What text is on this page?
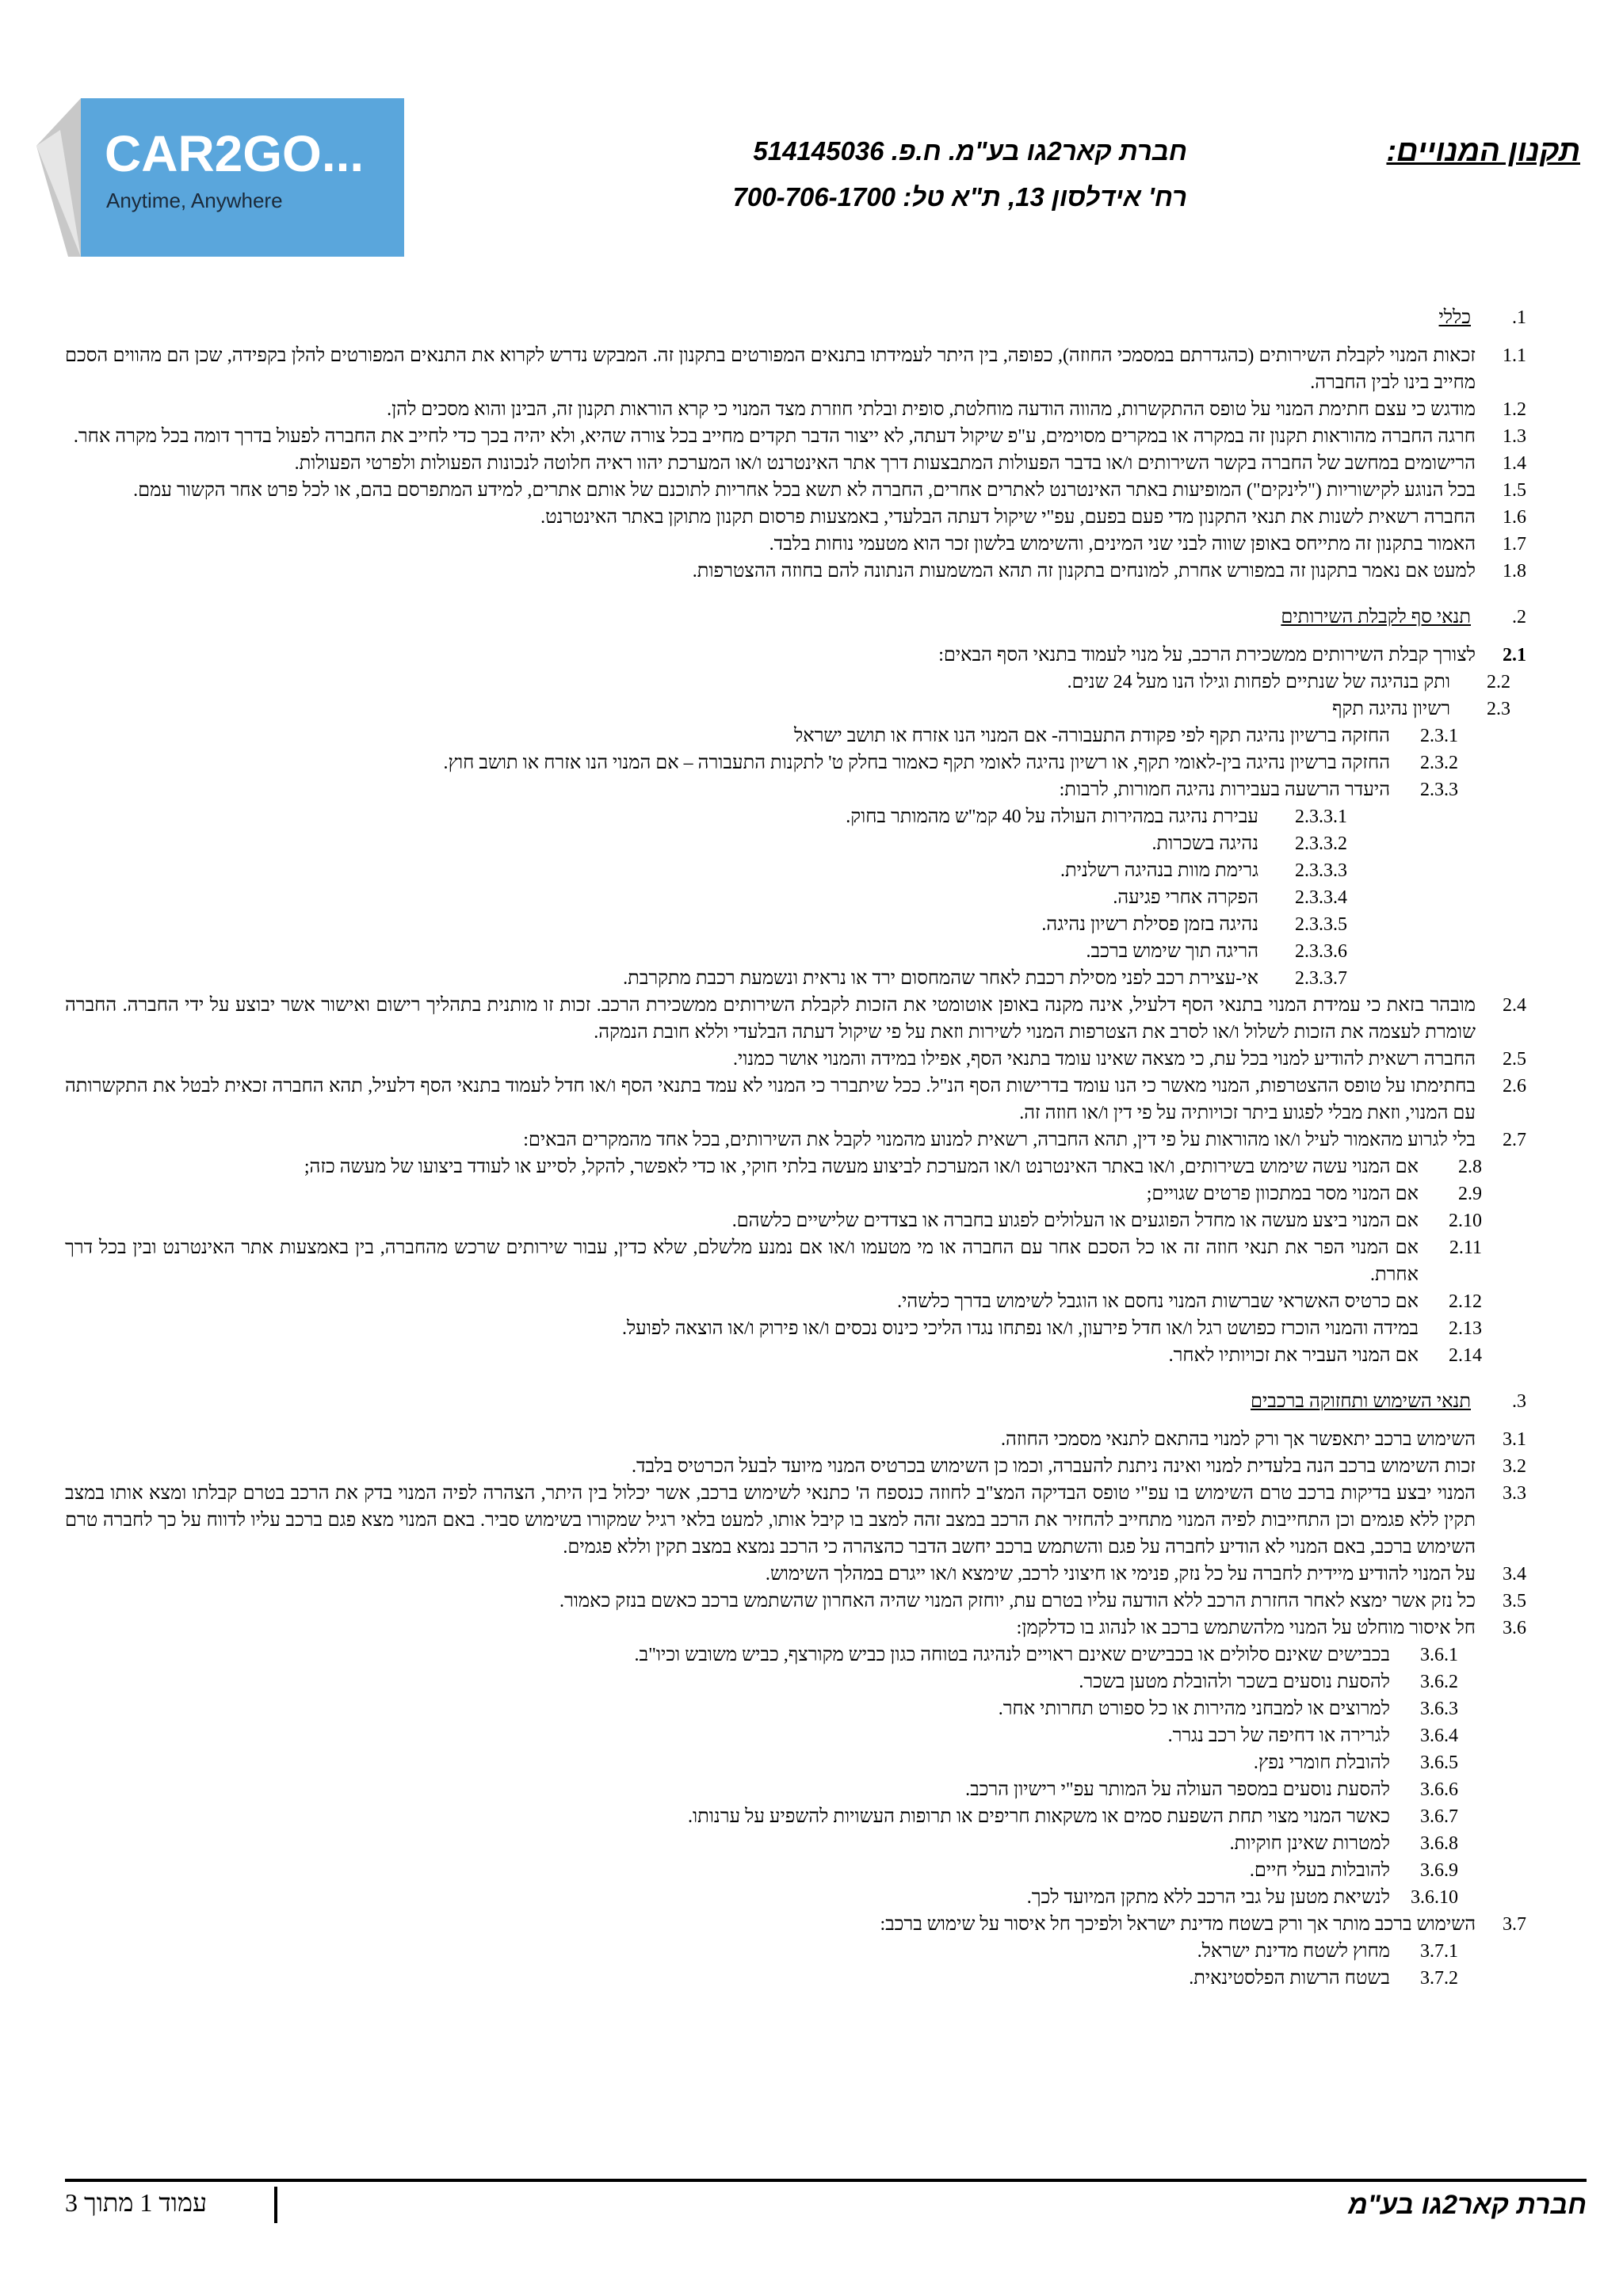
CAR2GO...
Anytime, Anywhere
חברת קאר2גו בע"מ. ח.פ. 514145036
רח' אידלסון 13, ת"א טל: 700-706-1700
תקנון המנויים:
1.
כללי
1.1
זכאות המנוי לקבלת השירותים (כהגדרתם במסמכי החוזה), כפופה, בין היתר לעמידתו בתנאים המפורטים בתקנון זה. המבקש נדרש לקרוא את התנאים המפורטים להלן בקפידה, שכן הם מהווים הסכם מחייב בינו לבין החברה.
1.2
מודגש כי עצם חתימת המנוי על טופס ההתקשרות, מהווה הודעה מוחלטת, סופית ובלתי חוזרת מצד המנוי כי קרא הוראות תקנון זה, הבינן והוא מסכים להן.
1.3
חרגה החברה מהוראות תקנון זה במקרה או במקרים מסוימים, ע"פ שיקול דעתה, לא ייצור הדבר תקדים מחייב בכל צורה שהיא, ולא יהיה בכך כדי לחייב את החברה לפעול בדרך דומה בכל מקרה אחר.
1.4
הרישומים במחשב של החברה בקשר השירותים ו/או בדבר הפעולות המתבצעות דרך אתר האינטרנט ו/או המערכת יהוו ראיה חלוטה לנכונות הפעולות ולפרטי הפעולות.
1.5
בכל הנוגע לקישוריות ("לינקים") המופיעות באתר האינטרנט לאתרים אחרים, החברה לא תשא בכל אחריות לתוכנם של אותם אתרים, למידע המתפרסם בהם, או לכל פרט אחר הקשור עמם.
1.6
החברה רשאית לשנות את תנאי התקנון מדי פעם בפעם, עפ"י שיקול דעתה הבלעדי, באמצעות פרסום תקנון מתוקן באתר האינטרנט.
1.7
האמור בתקנון זה מתייחס באופן שווה לבני שני המינים, והשימוש בלשון זכר הוא מטעמי נוחות בלבד.
1.8
למעט אם נאמר בתקנון זה במפורש אחרת, למונחים בתקנון זה תהא המשמעות הנתונה להם בחוזה ההצטרפות.
2.
תנאי סף לקבלת השירותים
2.1
לצורך קבלת השירותים ממשכירת הרכב, על מנוי לעמוד בתנאי הסף הבאים:
2.2
ותק בנהיגה של שנתיים לפחות וגילו הנו מעל 24 שנים.
2.3
רשיון נהיגה תקף
2.3.1
החזקה ברשיון נהיגה תקף לפי פקודת התעבורה- אם המנוי הנו אזרח או תושב ישראל
2.3.2
החזקה ברשיון נהיגה בין-לאומי תקף, או רשיון נהיגה לאומי תקף כאמור בחלק ט' לתקנות התעבורה – אם המנוי הנו אזרח או תושב חוץ.
2.3.3
היעדר הרשעה בעבירות נהיגה חמורות, לרבות:
2.3.3.1
עבירת נהיגה במהירות העולה על 40 קמ"ש מהמותר בחוק.
2.3.3.2
נהיגה בשכרות.
2.3.3.3
גרימת מוות בנהיגה רשלנית.
2.3.3.4
הפקרה אחרי פגיעה.
2.3.3.5
נהיגה בזמן פסילת רשיון נהיגה.
2.3.3.6
הריגה תוך שימוש ברכב.
2.3.3.7
אי-עצירת רכב לפני מסילת רכבת לאחר שהמחסום ירד או נראית ונשמעת רכבת מתקרבת.
2.4
מובהר בזאת כי עמידת המנוי בתנאי הסף דלעיל, אינה מקנה באופן אוטומטי את הזכות לקבלת השירותים ממשכירת הרכב. זכות זו מותנית בתהליך רישום ואישור אשר יבוצע על ידי החברה. החברה שומרת לעצמה את הזכות לשלול ו/או לסרב את הצטרפות המנוי לשירות וזאת על פי שיקול דעתה הבלעדי וללא חובת הנמקה.
2.5
החברה רשאית להודיע למנוי בכל עת, כי מצאה שאינו עומד בתנאי הסף, אפילו במידה והמנוי אושר כמנוי.
2.6
בחתימתו על טופס ההצטרפות, המנוי מאשר כי הנו עומד בדרישות הסף הנ"ל. ככל שיתברר כי המנוי לא עמד בתנאי הסף ו/או חדל לעמוד בתנאי הסף דלעיל, תהא החברה זכאית לבטל את התקשרותה עם המנוי, וזאת מבלי לפגוע ביתר זכויותיה על פי דין ו/או חוזה זה.
2.7
בלי לגרוע מהאמור לעיל ו/או מהוראות על פי דין, תהא החברה, רשאית למנוע מהמנוי לקבל את השירותים, בכל אחד מהמקרים הבאים:
2.8
אם המנוי עשה שימוש בשירותים, ו/או באתר האינטרנט ו/או המערכת לביצוע מעשה בלתי חוקי, או כדי לאפשר, להקל, לסייע או לעודד ביצועו של מעשה כזה;
2.9
אם המנוי מסר במתכוון פרטים שגויים;
2.10
אם המנוי ביצע מעשה או מחדל הפוגעים או העלולים לפגוע בחברה או בצדדים שלישיים כלשהם.
2.11
אם המנוי הפר את תנאי חוזה זה או כל הסכם אחר עם החברה או מי מטעמו ו/או אם נמנע מלשלם, שלא כדין, עבור שירותים שרכש מהחברה, בין באמצעות אתר האינטרנט ובין בכל דרך אחרת.
2.12
אם כרטיס האשראי שברשות המנוי נחסם או הוגבל לשימוש בדרך כלשהי.
2.13
במידה והמנוי הוכרז כפושט רגל ו/או חדל פירעון, ו/או נפתחו נגדו הליכי כינוס נכסים ו/או פירוק ו/או הוצאה לפועל.
2.14
אם המנוי העביר את זכויותיו לאחר.
3.
תנאי השימוש ותחזוקה ברכבים
3.1
השימוש ברכב יתאפשר אך ורק למנוי בהתאם לתנאי מסמכי החוזה.
3.2
זכות השימוש ברכב הנה בלעדית למנוי ואינה ניתנת להעברה, וכמו כן השימוש בכרטיס המנוי מיועד לבעל הכרטיס בלבד.
3.3
המנוי יבצע בדיקות ברכב טרם השימוש בו עפ"י טופס הבדיקה המצ"ב לחוזה כנספח ה' כתנאי לשימוש ברכב, אשר יכלול בין היתר, הצהרה לפיה המנוי בדק את הרכב בטרם קבלתו ומצא אותו במצב תקין ללא פגמים וכן התחייבות לפיה המנוי מתחייב להחזיר את הרכב במצב זהה למצב בו קיבל אותו, למעט בלאי רגיל שמקורו בשימוש סביר. באם המנוי מצא פגם ברכב עליו לדווח על כך לחברה טרם השימוש ברכב, באם המנוי לא הודיע לחברה על פגם והשתמש ברכב יחשב הדבר כהצהרה כי הרכב נמצא במצב תקין וללא פגמים.
3.4
על המנוי להודיע מיידית לחברה על כל נזק, פנימי או חיצוני לרכב, שימצא ו/או ייגרם במהלך השימוש.
3.5
כל נזק אשר ימצא לאחר החזרת הרכב ללא הודעה עליו בטרם עת, יוחזק המנוי שהיה האחרון שהשתמש ברכב כאשם בנזק כאמור.
3.6
חל איסור מוחלט על המנוי מלהשתמש ברכב או לנהוג בו כדלקמן:
3.6.1
בכבישים שאינם סלולים או בכבישים שאינם ראויים לנהיגה בטוחה כגון כביש מקורצף, כביש משובש וכיו"ב.
3.6.2
להסעת נוסעים בשכר ולהובלת מטען בשכר.
3.6.3
למרוצים או למבחני מהירות או כל ספורט תחרותי אחר.
3.6.4
לגרירה או דחיפה של רכב נגרר.
3.6.5
להובלת חומרי נפץ.
3.6.6
להסעת נוסעים במספר העולה על המותר עפ"י רישיון הרכב.
3.6.7
כאשר המנוי מצוי תחת השפעת סמים או משקאות חריפים או תרופות העשויות להשפיע על ערנותו.
3.6.8
למטרות שאינן חוקיות.
3.6.9
להובלות בעלי חיים.
3.6.10
לנשיאת מטען על גבי הרכב ללא מתקן המיועד לכך.
3.7
השימוש ברכב מותר אך ורק בשטח מדינת ישראל ולפיכך חל איסור על שימוש ברכב:
3.7.1
מחוץ לשטח מדינת ישראל.
3.7.2
בשטח הרשות הפלסטינאית.
חברת קאר2גו בע"מ
עמוד 1 מתוך 3
